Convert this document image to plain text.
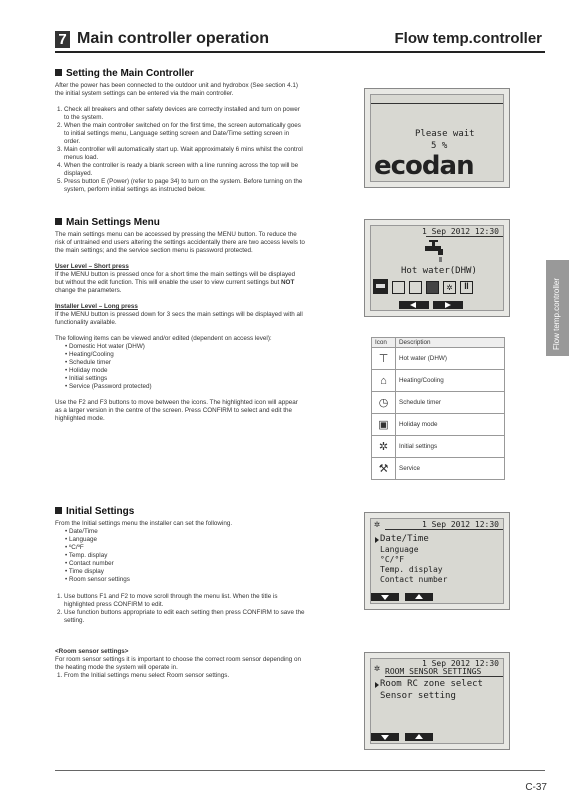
7 Main controller operation	Flow temp.controller
Flow temp.controller
Setting the Main Controller

After the power has been connected to the outdoor unit and hydrobox (See section 4.1) the initial system settings can be entered via the main controller.

1. Check all breakers and other safety devices are correctly installed and turn on power to the system.
2. When the main controller switched on for the first time, the screen automatically goes to initial settings menu, Language setting screen and Date/Time setting screen in order.
3. Main controller will automatically start up. Wait approximately 6 mins whilst the control menus load.
4. When the controller is ready a blank screen with a line running across the top will be displayed.
5. Press button E (Power) (refer to page 34) to turn on the system. Before turning on the system, perform initial settings as instructed below.
Please wait
5 %
ecodan
Main Settings Menu

The main settings menu can be accessed by pressing the MENU button. To reduce the risk of untrained end users altering the settings accidentally there are two access levels to the main settings; and the service section menu is password protected.

User Level – Short press

If the MENU button is pressed once for a short time the main settings will be displayed but without the edit function. This will enable the user to view current settings but NOT change the parameters.

Installer Level – Long press

If the MENU button is pressed down for 3 secs the main settings will be displayed with all functionality available.

The following items can be viewed and/or edited (dependent on access level):

• Domestic Hot water (DHW)
• Heating/Cooling
• Schedule timer
• Holiday mode
• Initial settings
• Service (Password protected)

Use the F2 and F3 buttons to move between the icons. The highlighted icon will appear as a larger version in the centre of the screen. Press CONFIRM to select and edit the highlighted mode.

1 Sep 2012 12:30
Hot water(DHW)
✲	ǁ
Icon	Description
⊤	Hot water (DHW)
⌂	Heating/Cooling
◷	Schedule timer
▣	Holiday mode
✲	Initial settings
⚒	Service
Initial Settings

From the Initial settings menu the installer can set the following.

• Date/Time
• Language
• ºC/ºF
• Temp. display
• Contact number
• Time display
• Room sensor settings
1. Use buttons F1 and F2 to move scroll through the menu list. When the title is highlighted press CONFIRM to edit.
2. Use function buttons appropriate to edit each setting then press CONFIRM to save the setting.
✲	1 Sep 2012 12:30
Date/Time
Language
°C/°F
Temp. display
Contact number

<Room sensor settings>

For room sensor settings it is important to choose the correct room sensor depending on the heating mode the system will operate in.

1. From the Initial settings menu select Room sensor settings.
✲	1 Sep 2012 12:30
ROOM SENSOR SETTINGS
Room RC zone select
Sensor setting
C-37
